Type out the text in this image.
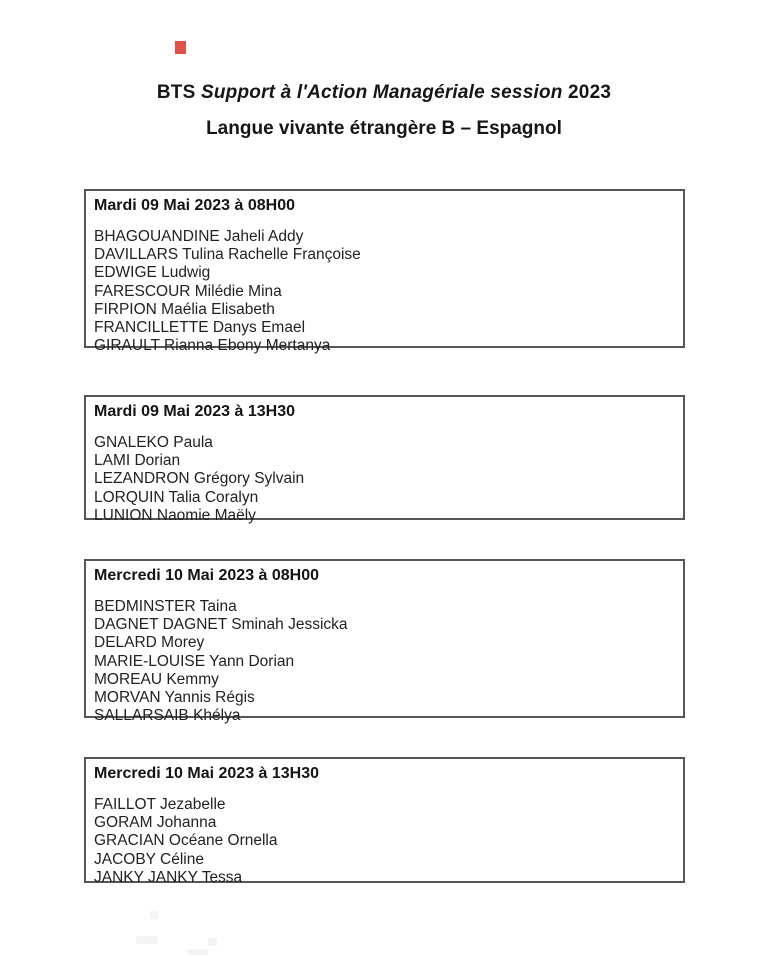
BTS Support à l'Action Managériale session 2023
Langue vivante étrangère B – Espagnol
Mardi 09 Mai 2023 à 08H00
BHAGOUANDINE Jaheli Addy
DAVILLARS Tulina Rachelle Françoise
EDWIGE Ludwig
FARESCOUR Milédie Mina
FIRPION Maélia Elisabeth
FRANCILLETTE Danys Emael
GIRAULT Rianna Ebony Mertanya
Mardi 09 Mai 2023 à 13H30
GNALEKO Paula
LAMI Dorian
LEZANDRON Grégory Sylvain
LORQUIN Talia Coralyn
LUNION Naomie Maëly
Mercredi 10 Mai 2023 à 08H00
BEDMINSTER Taina
DAGNET DAGNET Sminah Jessicka
DELARD Morey
MARIE-LOUISE Yann Dorian
MOREAU Kemmy
MORVAN Yannis Régis
SALLARSAIB Khélya
Mercredi 10 Mai 2023 à 13H30
FAILLOT Jezabelle
GORAM Johanna
GRACIAN Océane Ornella
JACOBY Céline
JANKY JANKY Tessa
